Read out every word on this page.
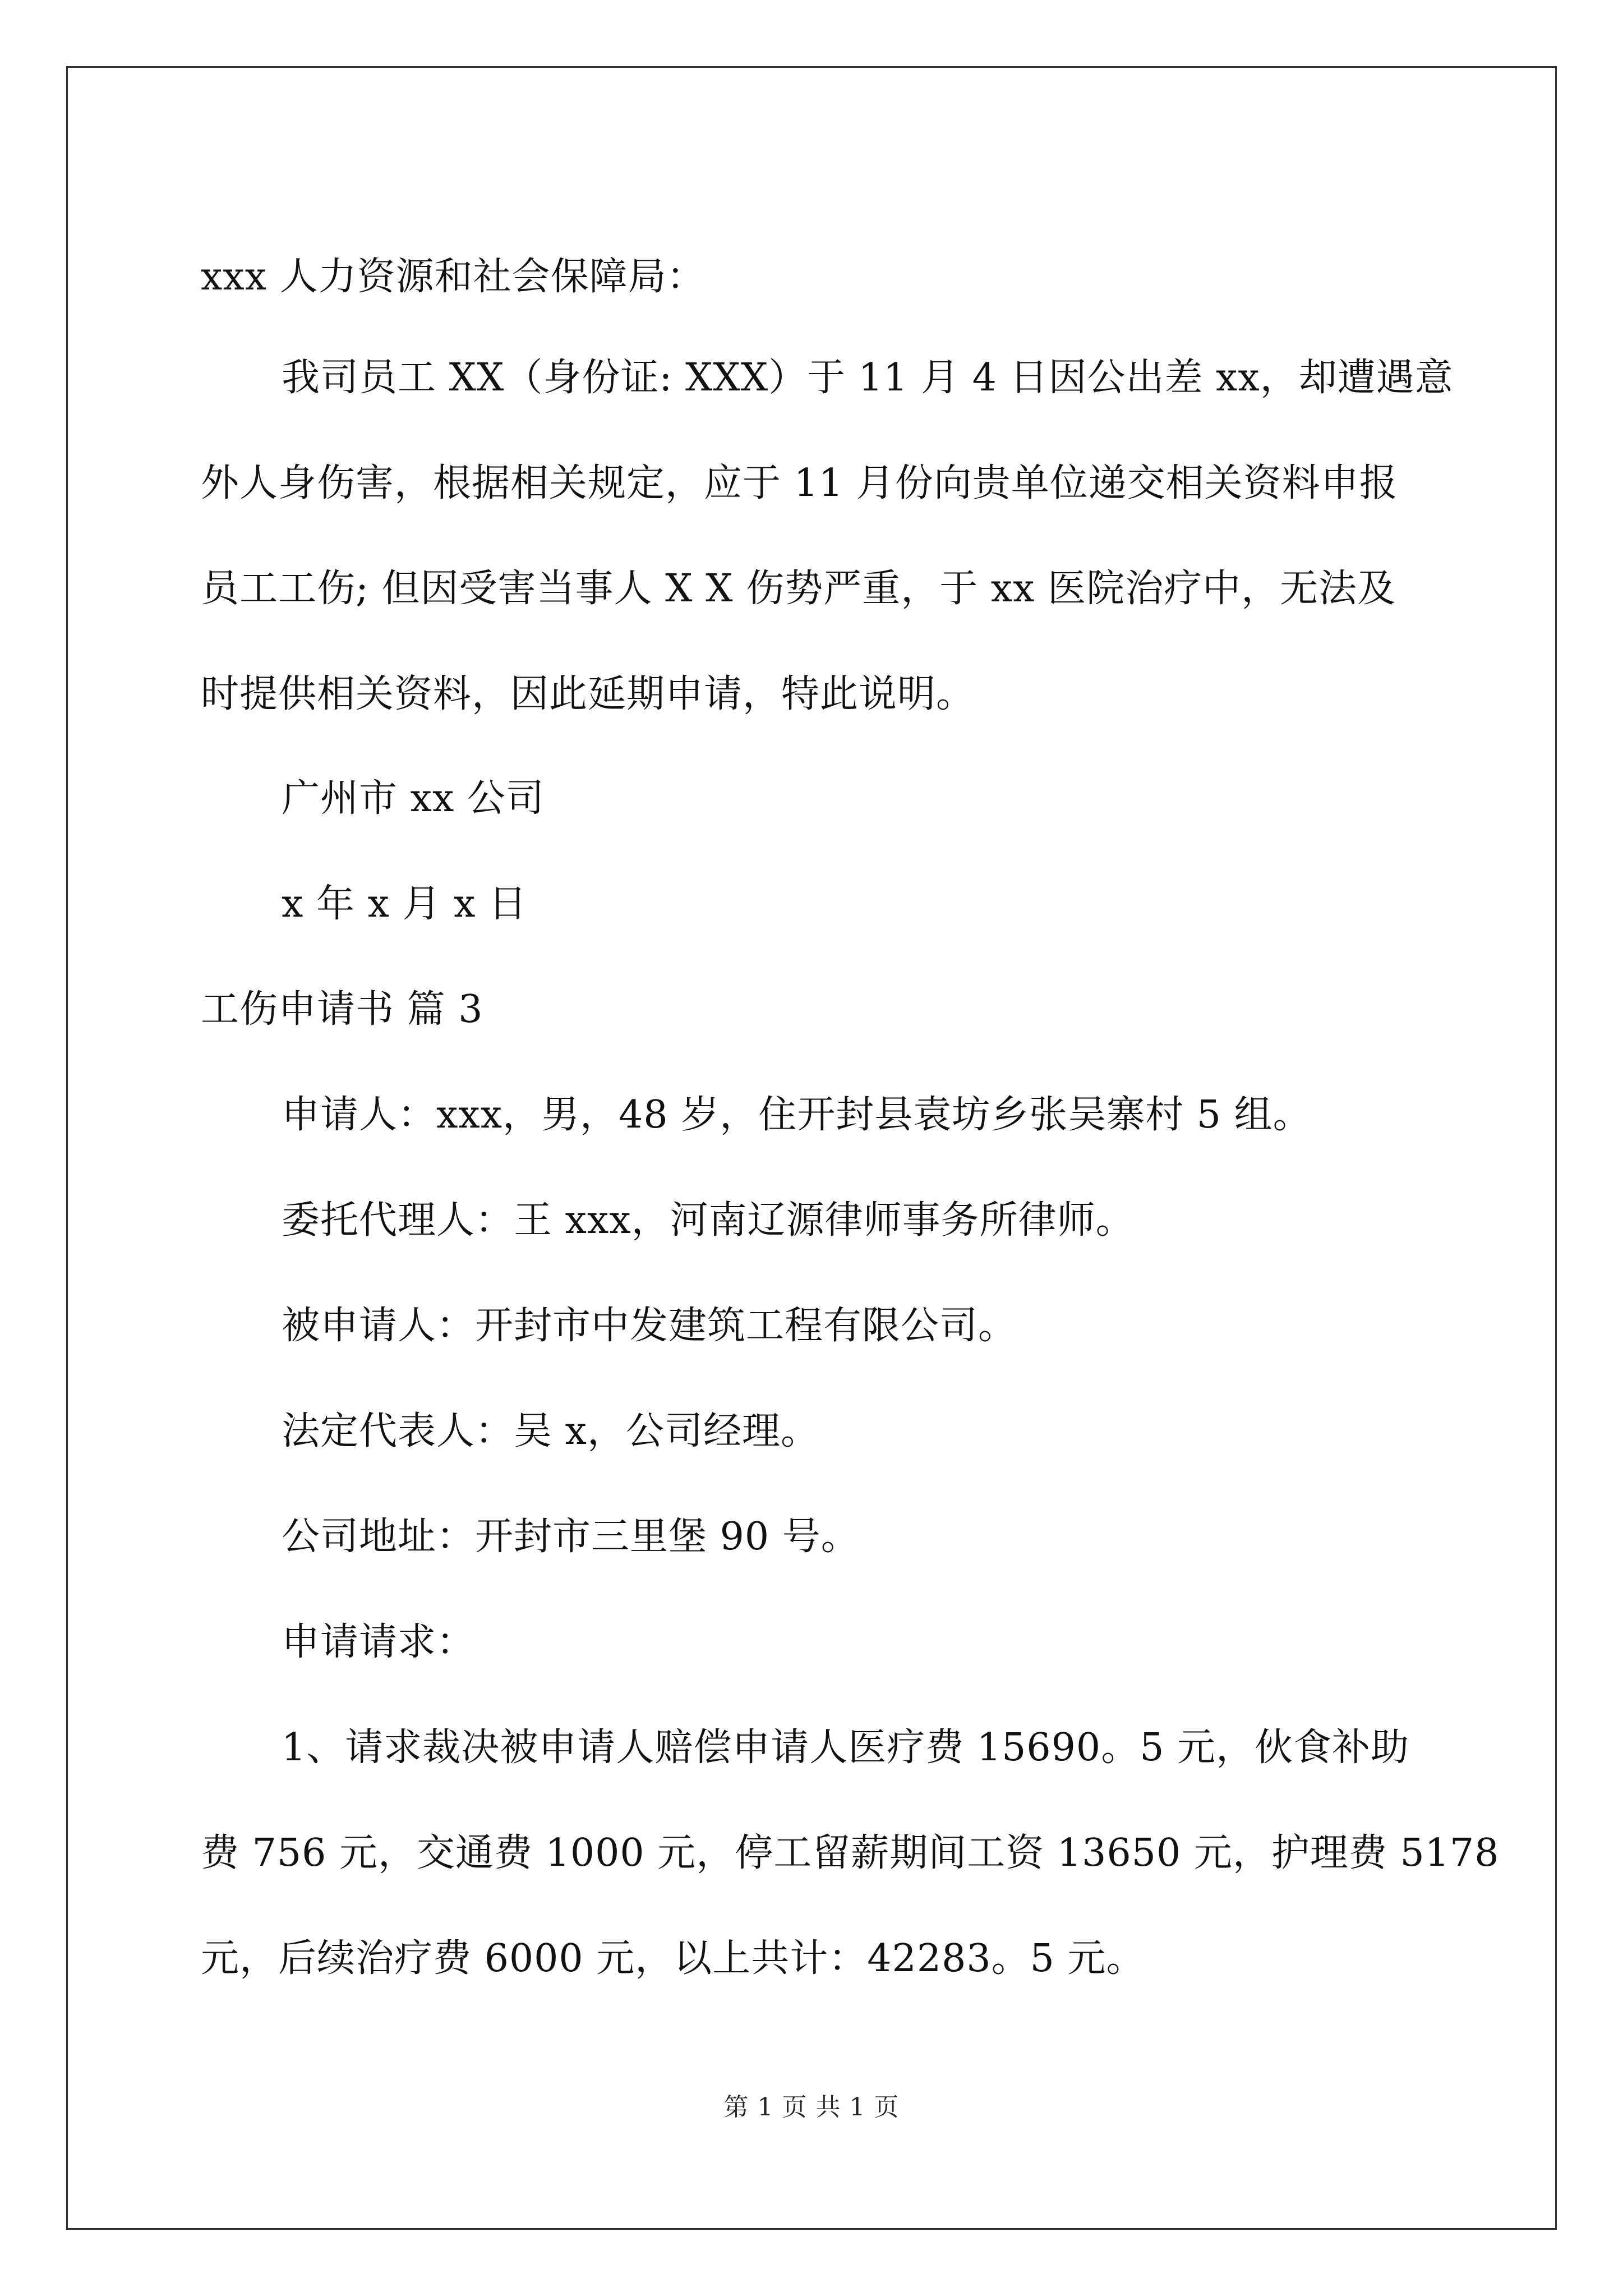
xxx 人力资源和社会保障局：
我司员工 XX（身份证: XXX）于 11 月 4 日因公出差 xx，却遭遇意
外人身伤害，根据相关规定，应于 11 月份向贵单位递交相关资料申报
员工工伤; 但因受害当事人 X X 伤势严重，于 xx 医院治疗中，无法及
时提供相关资料，因此延期申请，特此说明。
广州市 xx 公司
x 年 x 月 x 日
工伤申请书 篇 3
申请人：xxx，男，48 岁，住开封县袁坊乡张吴寨村 5 组。
委托代理人：王 xxx，河南辽源律师事务所律师。
被申请人：开封市中发建筑工程有限公司。
法定代表人：吴 x，公司经理。
公司地址：开封市三里堡 90 号。
申请请求：
1、请求裁决被申请人赔偿申请人医疗费 15690。5 元，伙食补助
费 756 元，交通费 1000 元，停工留薪期间工资 13650 元，护理费 5178
元，后续治疗费 6000 元，以上共计：42283。5 元。
第 1 页 共 1 页
